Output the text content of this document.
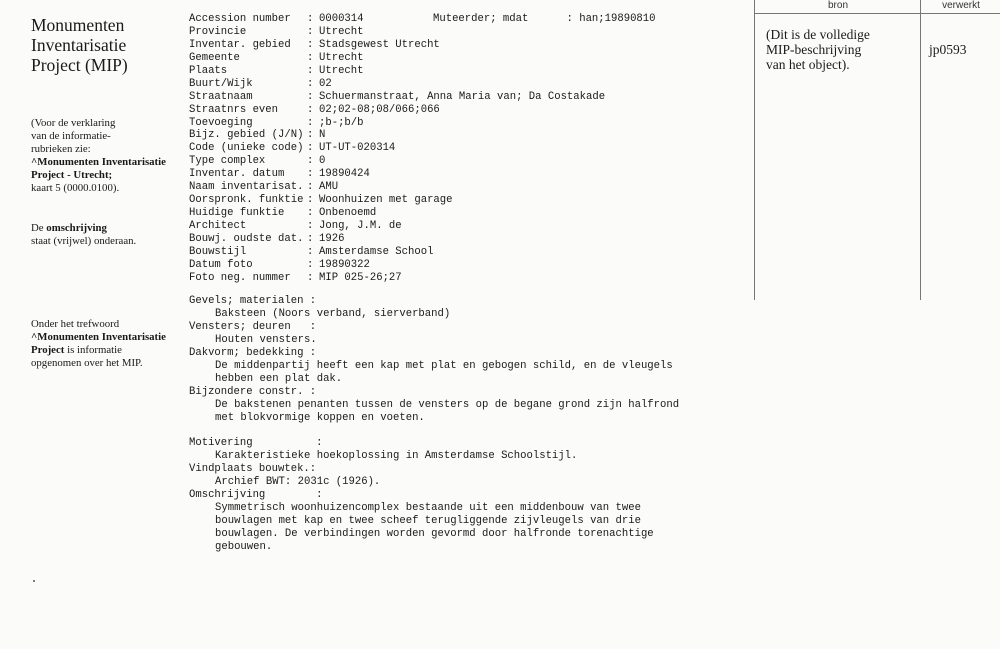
Monumenten
Inventarisatie
Project (MIP)
(Voor de verklaring
van de informatie-
rubrieken zie:
^Monumenten Inventarisatie
Project - Utrecht;
kaart 5 (0000.0100).
De omschrijving
staat (vrijwel) onderaan.
Onder het trefwoord
^Monumenten Inventarisatie
Project is informatie
opgenomen over het MIP.
Muteerder; mdat      : han;19890810
Accession number	: 0000314
Provincie	: Utrecht
Inventar. gebied	: Stadsgewest Utrecht
Gemeente	: Utrecht
Plaats	: Utrecht
Buurt/Wijk	: 02
Straatnaam	: Schuermanstraat, Anna Maria van; Da Costakade
Straatnrs even	: 02;02-08;08/066;066
Toevoeging	: ;b-;b/b
Bijz. gebied (J/N) : N
Code (unieke code) : UT-UT-020314
Type complex	: 0
Inventar. datum	: 19890424
Naam inventarisat. : AMU
Oorspronk. funktie : Woonhuizen met garage
Huidige funktie	: Onbenoemd
Architect	: Jong, J.M. de
Bouwj. oudste dat. : 1926
Bouwstijl	: Amsterdamse School
Datum foto	: 19890322
Foto neg. nummer	: MIP 025-26;27
Gevels; materialen :
Baksteen (Noors verband, sierverband)
Vensters; deuren   :
Houten vensters.
Dakvorm; bedekking :
De middenpartij heeft een kap met plat en gebogen schild, en de vleugels
hebben een plat dak.
Bijzondere constr. :
De bakstenen penanten tussen de vensters op de begane grond zijn halfrond
met blokvormige koppen en voeten.
Motivering          :
Karakteristieke hoekoplossing in Amsterdamse Schoolstijl.
Vindplaats bouwtek.:
Archief BWT: 2031c (1926).
Omschrijving        :
Symmetrisch woonhuizencomplex bestaande uit een middenbouw van twee
bouwlagen met kap en twee scheef terugliggende zijvleugels van drie
bouwlagen. De verbindingen worden gevormd door halfronde torenachtige
gebouwen.
bron
(Dit is de volledige
MIP-beschrijving
van het object).
verwerkt
jp0593
